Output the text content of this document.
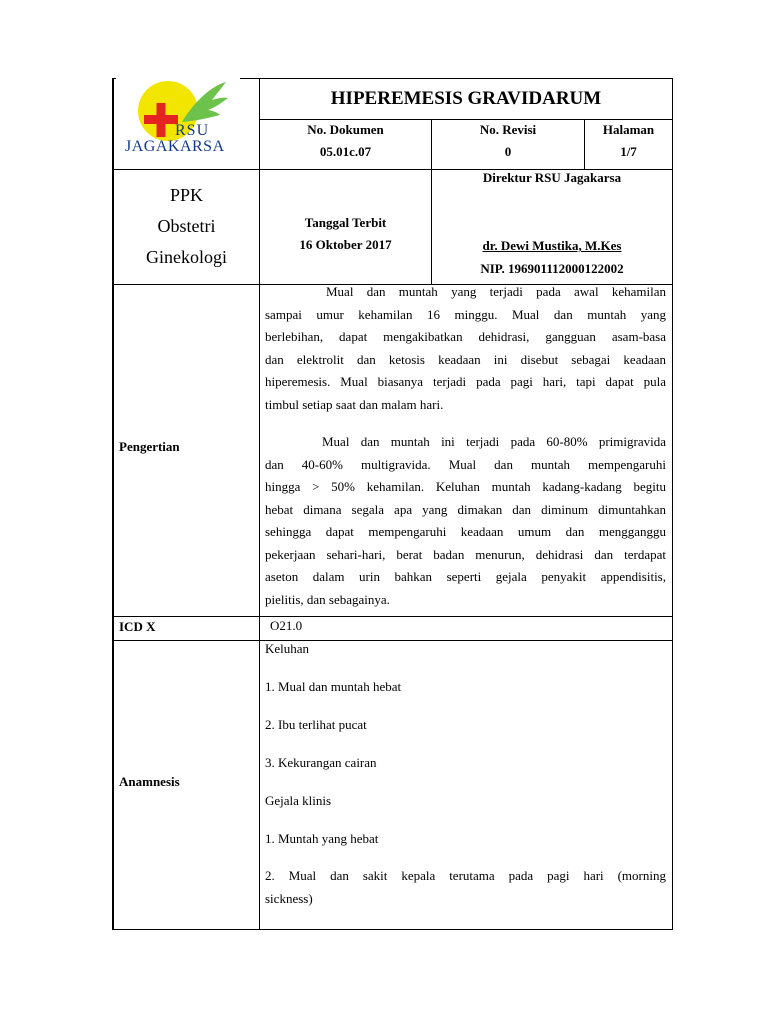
RSU
JAGAKARSA
HIPEREMESIS GRAVIDARUM
No. Dokumen
05.01c.07
No. Revisi
0
Halaman
1/7
PPK
Obstetri
Ginekologi
Tanggal Terbit
16 Oktober 2017
Direktur RSU Jagakarsa
dr. Dewi Mustika, M.Kes
NIP. 196901112000122002
Pengertian
Mual dan muntah yang terjadi pada awal kehamilan
sampai umur kehamilan 16 minggu. Mual dan muntah yang
berlebihan, dapat mengakibatkan dehidrasi, gangguan asam-basa
dan elektrolit dan ketosis keadaan ini disebut sebagai keadaan
hiperemesis. Mual biasanya terjadi pada pagi hari, tapi dapat pula
timbul setiap saat dan malam hari.
Mual dan muntah ini terjadi pada 60-80% primigravida
dan 40-60% multigravida. Mual dan muntah mempengaruhi
hingga > 50% kehamilan. Keluhan muntah kadang-kadang begitu
hebat dimana segala apa yang dimakan dan diminum dimuntahkan
sehingga dapat mempengaruhi keadaan umum dan mengganggu
pekerjaan sehari-hari, berat badan menurun, dehidrasi dan terdapat
aseton dalam urin bahkan seperti gejala penyakit appendisitis,
pielitis, dan sebagainya.
ICD X	O21.0
Anamnesis
Keluhan
1. Mual dan muntah hebat
2. Ibu terlihat pucat
3. Kekurangan cairan
Gejala klinis
1. Muntah yang hebat
2. Mual dan sakit kepala terutama pada pagi hari (morning
sickness)
